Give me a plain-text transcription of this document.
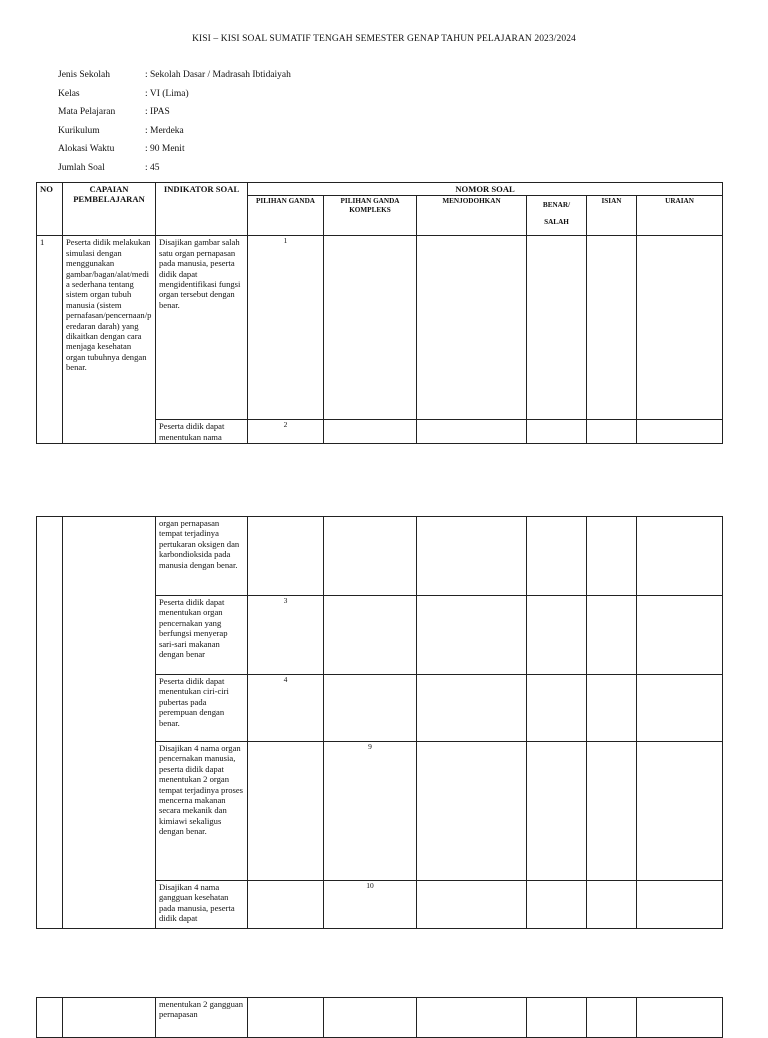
KISI – KISI SOAL SUMATIF TENGAH SEMESTER GENAP TAHUN PELAJARAN 2023/2024
Jenis Sekolah	: Sekolah Dasar / Madrasah Ibtidaiyah
Kelas	: VI (Lima)
Mata Pelajaran	: IPAS
Kurikulum	: Merdeka
Alokasi Waktu	: 90 Menit
Jumlah Soal	: 45
NO	CAPAIAN PEMBELAJARAN	INDIKATOR SOAL	NOMOR SOAL					
			PILIHAN GANDA	PILIHAN GANDA KOMPLEKS	MENJODOHKAN	BENAR/ SALAH	ISIAN	URAIAN
1	Peserta didik melakukan simulasi dengan menggunakan gambar/bagan/alat/media sederhana tentang sistem organ tubuh manusia (sistem pernafasan/pencernaan/peredaran darah) yang dikaitkan dengan cara menjaga kesehatan organ tubuhnya dengan benar.	Disajikan gambar salah satu organ pernapasan pada manusia, peserta didik dapat mengidentifikasi fungsi organ tersebut dengan benar.	1					
		Peserta didik dapat menentukan nama	2					
		organ pernapasan tempat terjadinya pertukaran oksigen dan karbondioksida pada manusia dengan benar.						
		Peserta didik dapat menentukan organ pencernakan yang berfungsi menyerap sari-sari makanan dengan benar	3					
		Peserta didik dapat menentukan ciri-ciri pubertas pada perempuan dengan benar.	4					
		Disajikan 4 nama organ pencernakan manusia, peserta didik dapat menentukan 2 organ tempat terjadinya proses mencerna makanan secara mekanik dan kimiawi sekaligus dengan benar.		9				
		Disajikan 4 nama gangguan kesehatan pada manusia, peserta didik dapat		10				
		menentukan 2 gangguan pernapasan						
